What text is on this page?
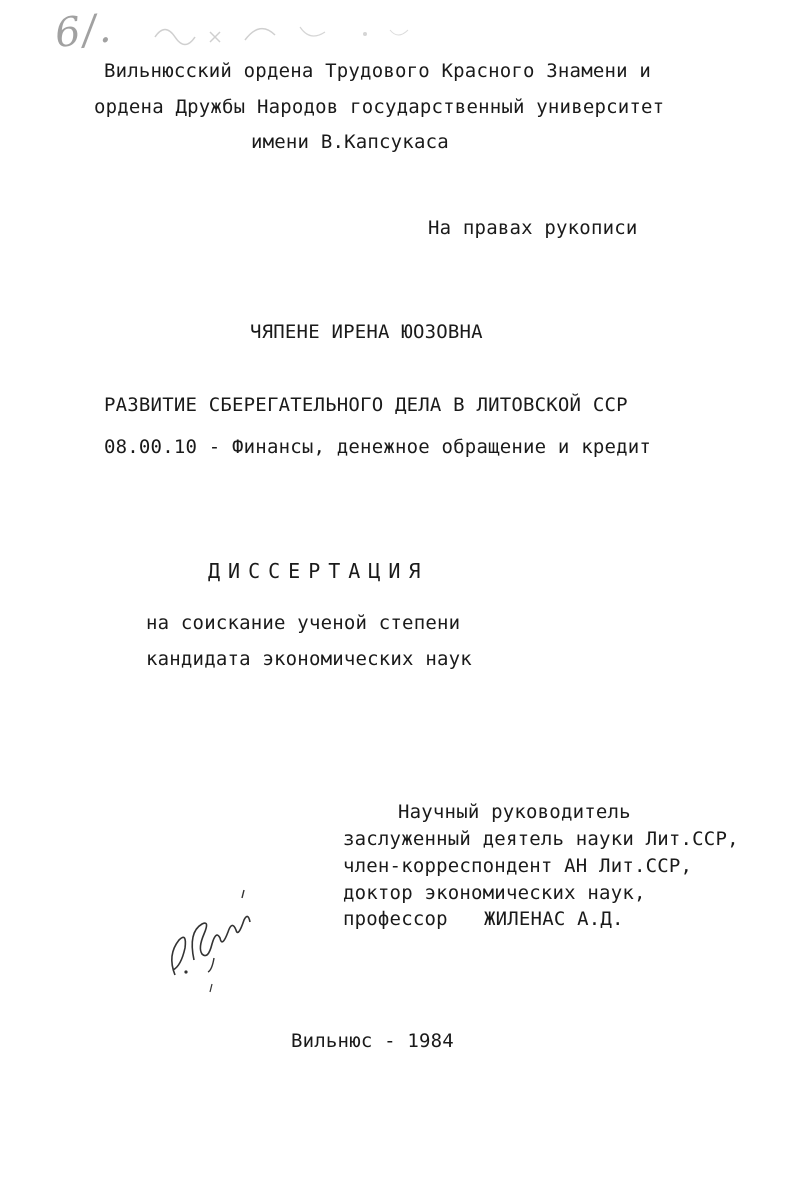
6/.
Вильнюсский ордена Трудового Красного Знамени и
ордена Дружбы Народов государственный университет
имени В.Капсукаса
На правах рукописи
ЧЯПЕНЕ ИРЕНА ЮОЗОВНА
РАЗВИТИЕ СБЕРЕГАТЕЛЬНОГО ДЕЛА В ЛИТОВСКОЙ ССР
08.00.10 - Финансы, денежное обращение и кредит
ДИССЕРТАЦИЯ
на соискание ученой степени
кандидата экономических наук
Научный руководитель
заслуженный деятель науки Лит.ССР,
член-корреспондент АН Лит.ССР,
доктор экономических наук,
профессор ЖИЛЕНАС А.Д.
Вильнюс - 1984
